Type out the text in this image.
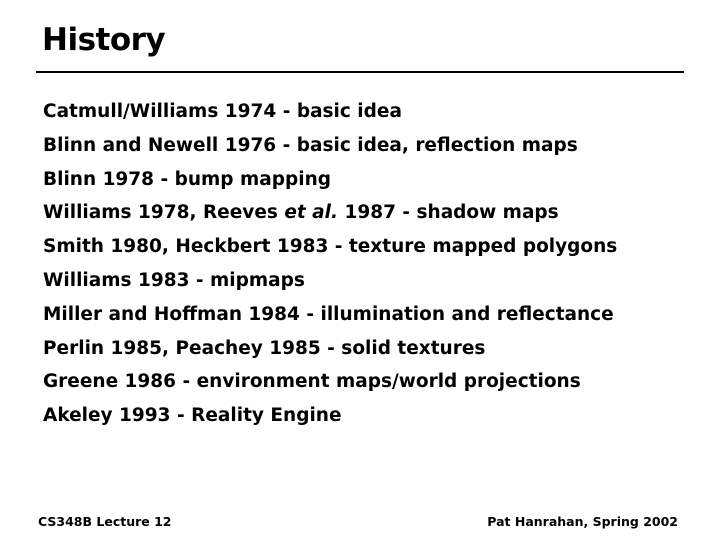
History
Catmull/Williams 1974 - basic idea
Blinn and Newell 1976 - basic idea, reflection maps
Blinn 1978 - bump mapping
Williams 1978, Reeves et al. 1987 - shadow maps
Smith 1980, Heckbert 1983 - texture mapped polygons
Williams 1983 - mipmaps
Miller and Hoffman 1984 - illumination and reflectance
Perlin 1985, Peachey 1985 - solid textures
Greene 1986 - environment maps/world projections
Akeley 1993 - Reality Engine
CS348B Lecture 12	Pat Hanrahan, Spring 2002
